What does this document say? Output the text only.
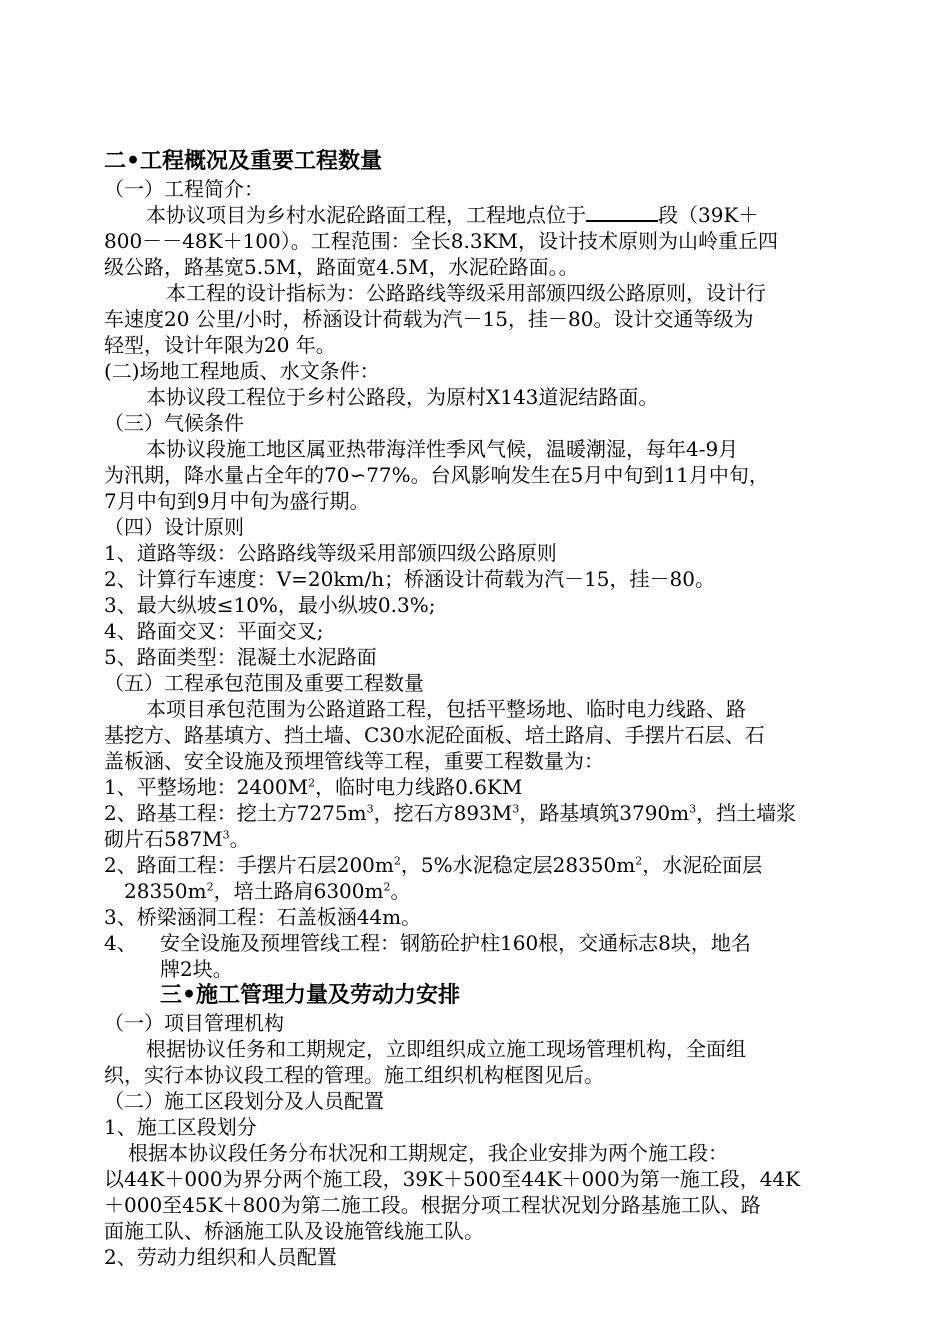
二•工程概况及重要工程数量

（一）工程简介：

本协议项目为乡村水泥砼路面工程，工程地点位于	段（39K＋

800－－48K＋100）。工程范围：全长8.3KM，设计技术原则为山岭重丘四

级公路，路基宽5.5M，路面宽4.5M，水泥砼路面。。

本工程的设计指标为：公路路线等级采用部颁四级公路原则，设计行

车速度20 公里/小时，桥涵设计荷载为汽－15，挂－80。设计交通等级为

轻型，设计年限为20 年。

(二)场地工程地质、水文条件：

本协议段工程位于乡村公路段，为原村X143道泥结路面。

（三）气候条件

本协议段施工地区属亚热带海洋性季风气候，温暖潮湿，每年4-9月

为汛期，降水量占全年的70∽77%。台风影响发生在5月中旬到11月中旬，

7月中旬到9月中旬为盛行期。

（四）设计原则

1、道路等级：公路路线等级采用部颁四级公路原则

2、计算行车速度：V=20km/h；桥涵设计荷载为汽－15，挂－80。

3、最大纵坡≤10%，最小纵坡0.3%;

4、路面交叉：平面交叉;

5、路面类型：混凝土水泥路面

（五）工程承包范围及重要工程数量

本项目承包范围为公路道路工程，包括平整场地、临时电力线路、路

基挖方、路基填方、挡土墙、C30水泥砼面板、培土路肩、手摆片石层、石

盖板涵、安全设施及预埋管线等工程，重要工程数量为：

1、平整场地：$2400M^2$，临时电力线路0.6KM

2、路基工程：挖土方$7275m^3$，挖石方$893M^3$，路基填筑$3790m^3$，挡土墙浆

砌片石$587M^3$。

2、路面工程：手摆片石层$200m^2$，5%水泥稳定层$28350m^2$，水泥砼面层

$28350m^2$，培土路肩$6300m^2$。

3、桥梁涵洞工程：石盖板涵44m。

4、 安全设施及预埋管线工程：钢筋砼护柱160根，交通标志8块，地名

牌2块。

三•施工管理力量及劳动力安排

（一）项目管理机构

根据协议任务和工期规定，立即组织成立施工现场管理机构，全面组

织，实行本协议段工程的管理。施工组织机构框图见后。

（二）施工区段划分及人员配置

1、施工区段划分

根据本协议段任务分布状况和工期规定，我企业安排为两个施工段：

以44K＋000为界分两个施工段，39K＋500至44K＋000为第一施工段，44K

＋000至45K＋800为第二施工段。根据分项工程状况划分路基施工队、路

面施工队、桥涵施工队及设施管线施工队。

2、劳动力组织和人员配置
